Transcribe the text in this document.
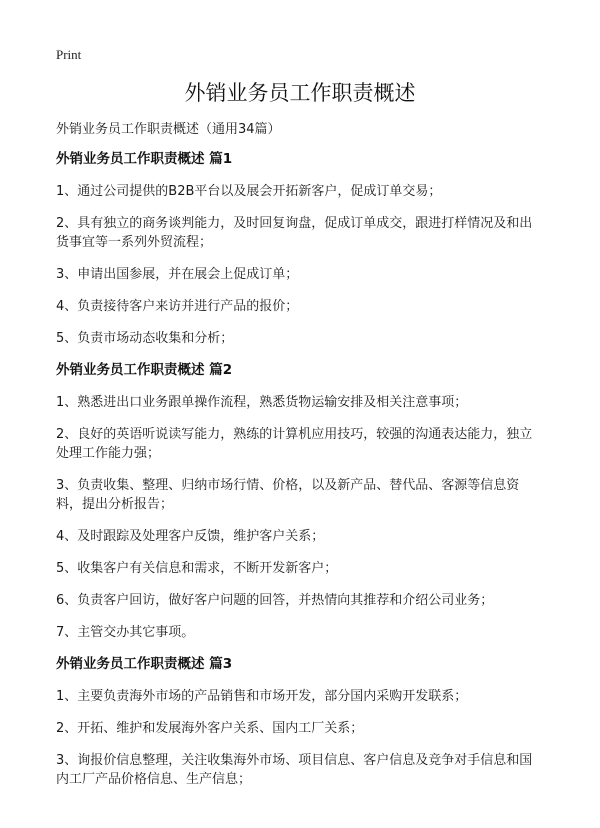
Print
外销业务员工作职责概述

外销业务员工作职责概述（通用34篇）

外销业务员工作职责概述 篇1

1、通过公司提供的B2B平台以及展会开拓新客户，促成订单交易；

2、具有独立的商务谈判能力，及时回复询盘，促成订单成交，跟进打样情况及和出货事宜等一系列外贸流程；

3、申请出国参展，并在展会上促成订单；

4、负责接待客户来访并进行产品的报价；

5、负责市场动态收集和分析；

外销业务员工作职责概述 篇2

1、熟悉进出口业务跟单操作流程，熟悉货物运输安排及相关注意事项；

2、良好的英语听说读写能力，熟练的计算机应用技巧，较强的沟通表达能力，独立处理工作能力强；

3、负责收集、整理、归纳市场行情、价格，以及新产品、替代品、客源等信息资料，提出分析报告；

4、及时跟踪及处理客户反馈，维护客户关系；

5、收集客户有关信息和需求，不断开发新客户；

6、负责客户回访，做好客户问题的回答，并热情向其推荐和介绍公司业务；

7、主管交办其它事项。

外销业务员工作职责概述 篇3

1、主要负责海外市场的产品销售和市场开发，部分国内采购开发联系；

2、开拓、维护和发展海外客户关系、国内工厂关系；

3、询报价信息整理，关注收集海外市场、项目信息、客户信息及竞争对手信息和国内工厂产品价格信息、生产信息；
